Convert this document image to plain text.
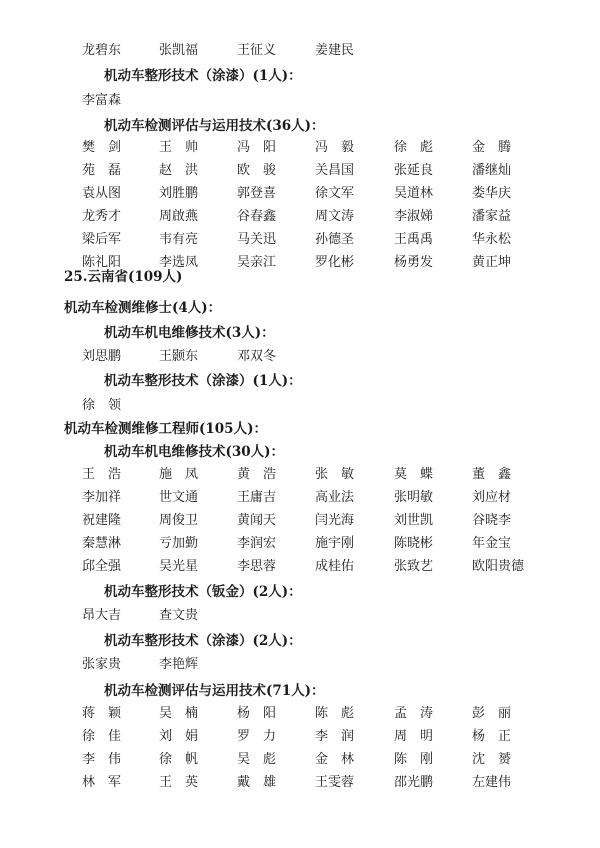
龙碧东	张凯福	王征义	姜建民
机动车整形技术（涂漆）(1人)：
李富森
机动车检测评估与运用技术(36人)：
樊　剑	王　帅	冯　阳	冯　毅	徐　彪	金　腾
苑　磊	赵　洪	欧　骏	关昌国	张延良	潘继灿
袁从图	刘胜鹏	郭登喜	徐文军	吴道林	娄华庆
龙秀才	周啟燕	谷春鑫	周文涛	李淑娣	潘家益
梁后军	韦有亮	马关迅	孙德圣	王禹禹	华永松
陈礼阳	李选凤	吴亲江	罗化彬	杨勇发	黄正坤
25.云南省(109人)
机动车检测维修士(4人)：
机动车机电维修技术(3人)：
刘思鹏	王颢东	邓双冬
机动车整形技术（涂漆）(1人)：
徐　领
机动车检测维修工程师(105人)：
机动车机电维修技术(30人)：
王　浩	施　凤	黄　浩	张　敏	莫　蝶	董　鑫
李加祥	世文通	王庸吉	高业法	张明敏	刘应材
祝建隆	周俊卫	黄闻天	闫光海	刘世凯	谷晓李
秦慧淋	亏加勤	李润宏	施宇刚	陈晓彬	年金宝
邱全强	吴光星	李思蓉	成桂佑	张致艺	欧阳贵德
机动车整形技术（钣金）(2人)：
昂大吉	查文贵
机动车整形技术（涂漆）(2人)：
张家贵	李艳辉
机动车检测评估与运用技术(71人)：
蒋　颖	吴　楠	杨　阳	陈　彪	孟　涛	彭　丽
徐　佳	刘　娟	罗　力	李　润	周　明	杨　正
李　伟	徐　帆	吴　彪	金　林	陈　刚	沈　赟
林　军	王　英	戴　雄	王雯蓉	邵光鹏	左建伟
